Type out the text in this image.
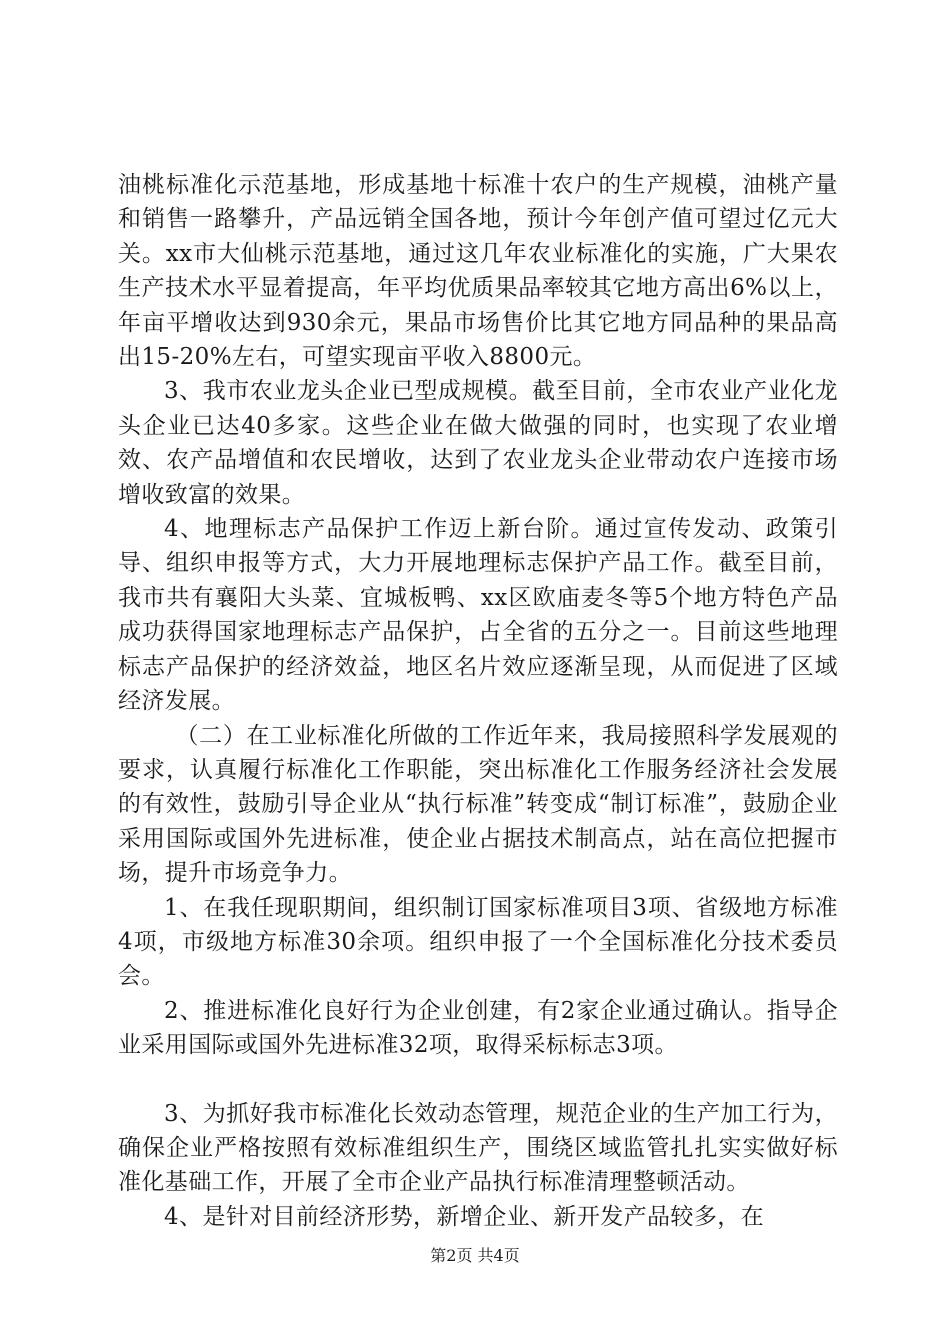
油桃标准化示范基地，形成基地十标准十农户的生产规模，油桃产量和销售一路攀升，产品远销全国各地，预计今年创产值可望过亿元大关。xx市大仙桃示范基地，通过这几年农业标准化的实施，广大果农生产技术水平显着提高，年平均优质果品率较其它地方高出6%以上，年亩平增收达到930余元，果品市场售价比其它地方同品种的果品高出15-20%左右，可望实现亩平收入8800元。

3、我市农业龙头企业已型成规模。截至目前，全市农业产业化龙头企业已达40多家。这些企业在做大做强的同时，也实现了农业增效、农产品增值和农民增收，达到了农业龙头企业带动农户连接市场增收致富的效果。

4、地理标志产品保护工作迈上新台阶。通过宣传发动、政策引导、组织申报等方式，大力开展地理标志保护产品工作。截至目前，我市共有襄阳大头菜、宜城板鸭、xx区欧庙麦冬等5个地方特色产品成功获得国家地理标志产品保护，占全省的五分之一。目前这些地理标志产品保护的经济效益，地区名片效应逐渐呈现，从而促进了区域经济发展。

（二）在工业标准化所做的工作近年来，我局接照科学发展观的要求，认真履行标准化工作职能，突出标准化工作服务经济社会发展的有效性，鼓励引导企业从“执行标准”转变成“制订标准”，鼓励企业采用国际或国外先进标准，使企业占据技术制高点，站在高位把握市场，提升市场竞争力。

1、在我任现职期间，组织制订国家标准项目3项、省级地方标准4项，市级地方标准30余项。组织申报了一个全国标准化分技术委员会。

2、推进标准化良好行为企业创建，有2家企业通过确认。指导企业采用国际或国外先进标准32项，取得采标标志3项。

3、为抓好我市标准化长效动态管理，规范企业的生产加工行为，确保企业严格按照有效标准组织生产，围绕区域监管扎扎实实做好标准化基础工作，开展了全市企业产品执行标准清理整顿活动。

4、是针对目前经济形势，新增企业、新开发产品较多，在

第2页 共4页
